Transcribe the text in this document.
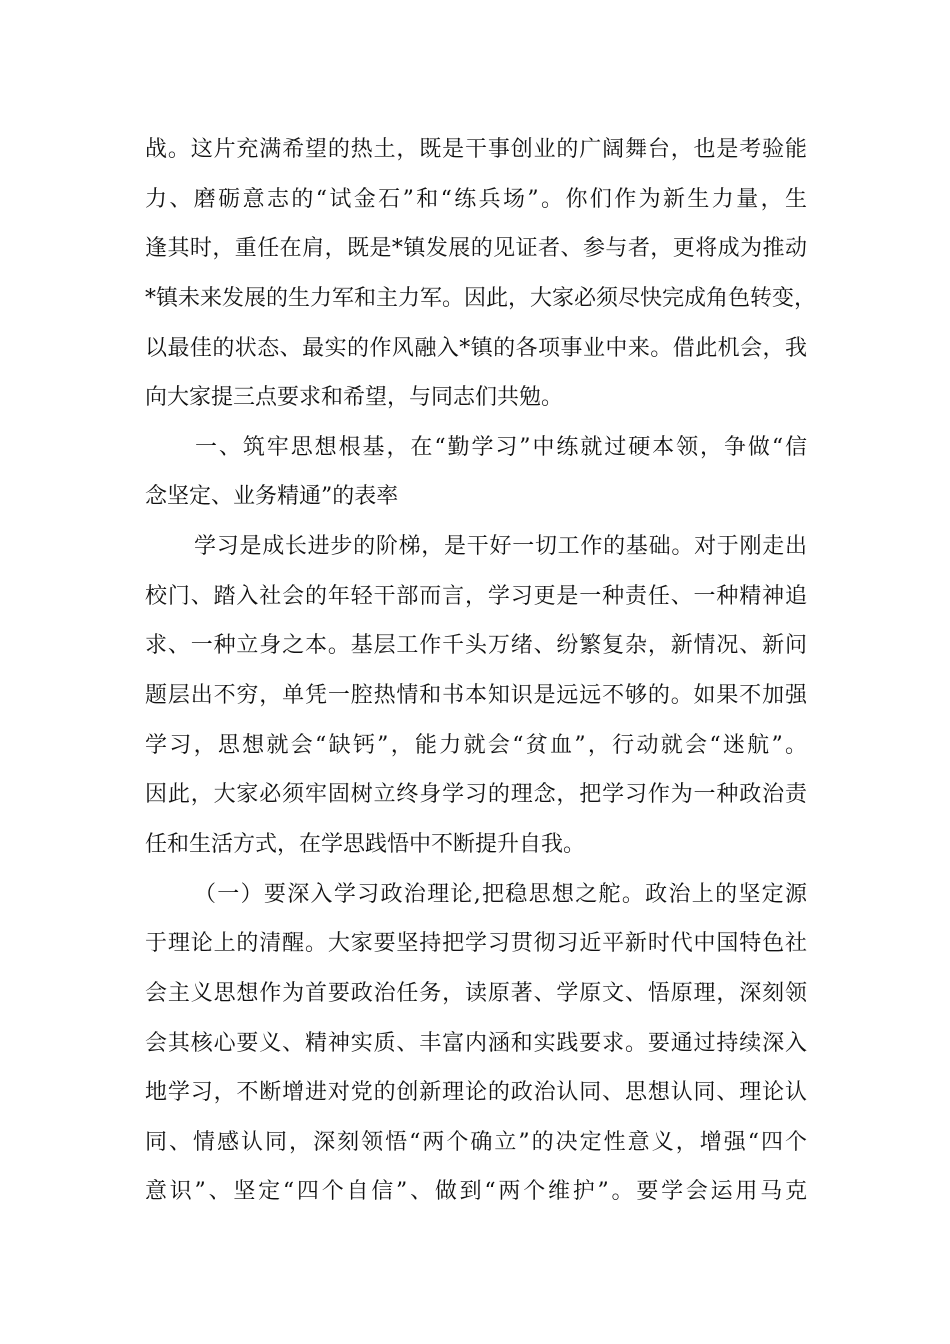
战。这片充满希望的热土，既是干事创业的广阔舞台，也是考验能
力、磨砺意志的“试金石”和“练兵场”。你们作为新生力量，生
逢其时，重任在肩，既是*镇发展的见证者、参与者，更将成为推动
*镇未来发展的生力军和主力军。因此，大家必须尽快完成角色转变，
以最佳的状态、最实的作风融入*镇的各项事业中来。借此机会，我
向大家提三点要求和希望，与同志们共勉。
一、筑牢思想根基，在“勤学习”中练就过硬本领，争做“信
念坚定、业务精通”的表率
学习是成长进步的阶梯，是干好一切工作的基础。对于刚走出
校门、踏入社会的年轻干部而言，学习更是一种责任、一种精神追
求、一种立身之本。基层工作千头万绪、纷繁复杂，新情况、新问
题层出不穷，单凭一腔热情和书本知识是远远不够的。如果不加强
学习，思想就会“缺钙”，能力就会“贫血”，行动就会“迷航”。
因此，大家必须牢固树立终身学习的理念，把学习作为一种政治责
任和生活方式，在学思践悟中不断提升自我。
（一）要深入学习政治理论,把稳思想之舵。政治上的坚定源
于理论上的清醒。大家要坚持把学习贯彻习近平新时代中国特色社
会主义思想作为首要政治任务，读原著、学原文、悟原理，深刻领
会其核心要义、精神实质、丰富内涵和实践要求。要通过持续深入
地学习，不断增进对党的创新理论的政治认同、思想认同、理论认
同、情感认同，深刻领悟“两个确立”的决定性意义，增强“四个
意识”、坚定“四个自信”、做到“两个维护”。要学会运用马克
